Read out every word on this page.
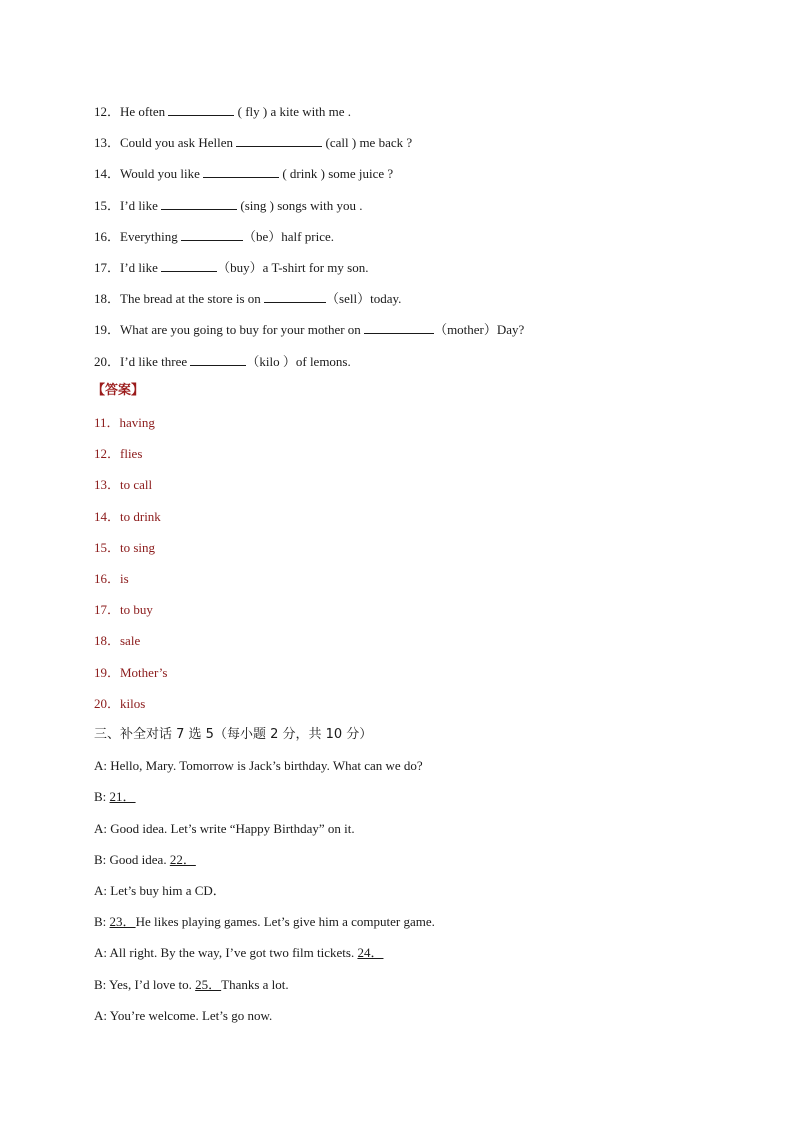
12．He often	( fly ) a kite with me .
13．Could you ask Hellen	(call ) me back ?
14．Would you like	( drink ) some juice ?
15．I’d like	(sing ) songs with you .
16．Everything	（be）half price.
17．I’d like	（buy）a T-shirt for my son.
18．The bread at the store is on	（sell）today.
19．What are you going to buy for your mother on	（mother）Day?
20．I’d like three	（kilo ）of lemons.
【答案】
11．having
12．flies
13．to call
14．to drink
15．to sing
16．is
17．to buy
18．sale
19．Mother’s
20．kilos
三、补全对话 7 选 5（每小题 2 分，共 10 分）
A: Hello, Mary. Tomorrow is Jack’s birthday. What can we do?
B: 21．
A: Good idea. Let’s write “Happy Birthday” on it.
B: Good idea. 22．
A: Let’s buy him a CD．
B: 23．He likes playing games. Let’s give him a computer game.
A: All right. By the way, I’ve got two film tickets. 24．
B: Yes, I’d love to. 25．Thanks a lot.
A: You’re welcome. Let’s go now.
